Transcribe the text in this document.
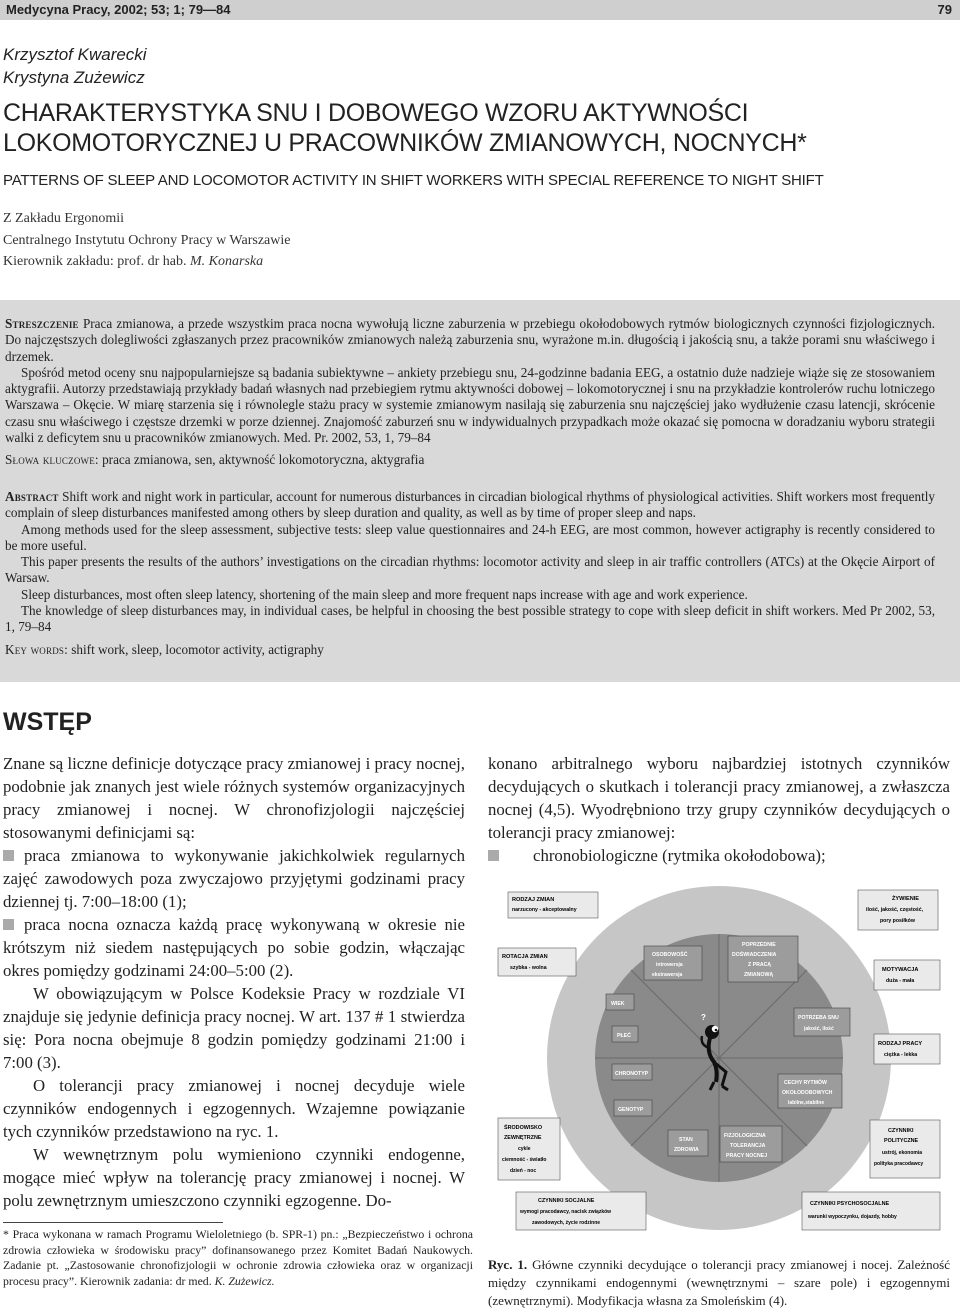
Medycyna Pracy, 2002; 53; 1; 79—84	79
Krzysztof Kwarecki
Krystyna Zużewicz
CHARAKTERYSTYKA SNU I DOBOWEGO WZORU AKTYWNOŚCI
LOKOMOTORYCZNEJ U PRACOWNIKÓW ZMIANOWYCH, NOCNYCH*
PATTERNS OF SLEEP AND LOCOMOTOR ACTIVITY IN SHIFT WORKERS WITH SPECIAL REFERENCE TO NIGHT SHIFT
Z Zakładu Ergonomii
Centralnego Instytutu Ochrony Pracy w Warszawie
Kierownik zakładu: prof. dr hab. M. Konarska

Streszczenie Praca zmianowa, a przede wszystkim praca nocna wywołują liczne zaburzenia w przebiegu okołodobowych rytmów biologicznych czynności fizjologicznych. Do najczęstszych dolegliwości zgłaszanych przez pracowników zmianowych należą zaburzenia snu, wyrażone m.in. długością i jakością snu, a także porami snu właściwego i drzemek.

Spośród metod oceny snu najpopularniejsze są badania subiektywne – ankiety przebiegu snu, 24-godzinne badania EEG, a ostatnio duże nadzieje wiąże się ze stosowaniem aktygrafii. Autorzy przedstawiają przykłady badań własnych nad przebiegiem rytmu aktywności dobowej – lokomotorycznej i snu na przykładzie kontrolerów ruchu lotniczego Warszawa – Okęcie. W miarę starzenia się i równolegle stażu pracy w systemie zmianowym nasilają się zaburzenia snu najczęściej jako wydłużenie czasu latencji, skrócenie czasu snu właściwego i częstsze drzemki w porze dziennej. Znajomość zaburzeń snu w indywidualnych przypadkach może okazać się pomocna w doradzaniu wyboru strategii walki z deficytem snu u pracowników zmianowych. Med. Pr. 2002, 53, 1, 79–84

Słowa kluczowe: praca zmianowa, sen, aktywność lokomotoryczna, aktygrafia

Abstract Shift work and night work in particular, account for numerous disturbances in circadian biological rhythms of physiological activities. Shift workers most frequently complain of sleep disturbances manifested among others by sleep duration and quality, as well as by time of proper sleep and naps.

Among methods used for the sleep assessment, subjective tests: sleep value questionnaires and 24-h EEG, are most common, however actigraphy is recently considered to be more useful.

This paper presents the results of the authors’ investigations on the circadian rhythms: locomotor activity and sleep in air traffic controllers (ATCs) at the Okęcie Airport of Warsaw.

Sleep disturbances, most often sleep latency, shortening of the main sleep and more frequent naps increase with age and work experience.

The knowledge of sleep disturbances may, in individual cases, be helpful in choosing the best possible strategy to cope with sleep deficit in shift workers. Med Pr 2002, 53, 1, 79–84

Key words: shift work, sleep, locomotor activity, actigraphy

WSTĘP

Znane są liczne definicje dotyczące pracy zmianowej i pracy nocnej, podobnie jak znanych jest wiele różnych systemów organizacyjnych pracy zmianowej i nocnej. W chronofizjologii najczęściej stosowanymi definicjami są:

praca zmianowa to wykonywanie jakichkolwiek regularnych zajęć zawodowych poza zwyczajowo przyjętymi godzinami pracy dziennej tj. 7:00–18:00 (1);

praca nocna oznacza każdą pracę wykonywaną w okresie nie krótszym niż siedem następujących po sobie godzin, włączając okres pomiędzy godzinami 24:00–5:00 (2).

W obowiązującym w Polsce Kodeksie Pracy w rozdziale VI znajduje się jedynie definicja pracy nocnej. W art. 137 # 1 stwierdza się: Pora nocna obejmuje 8 godzin pomiędzy godzinami 21:00 i 7:00 (3).

O tolerancji pracy zmianowej i nocnej decyduje wiele czynników endogennych i egzogennych. Wzajemne powiązanie tych czynników przedstawiono na ryc. 1.

W wewnętrznym polu wymieniono czynniki endogenne, mogące mieć wpływ na tolerancję pracy zmianowej i nocnej. W polu zewnętrznym umieszczono czynniki egzogenne. Do-

konano arbitralnego wyboru najbardziej istotnych czynników decydujących o skutkach i tolerancji pracy zmianowej, a zwłaszcza nocnej (4,5). Wyodrębniono trzy grupy czynników decydujących o tolerancji pracy zmianowej:

chronobiologiczne (rytmika okołodobowa);

RODZAJ ZMIAN
narzucony - akceptowalny
ŻYWIENIE
ilość, jakość, częstość,
pory posiłków
ROTACJA ZMIAN
szybka - wolna	MOTYWACJA
duża - mała
RODZAJ PRACY
ciężka - lekka
ŚRODOWISKO
ZEWNĘTRZNE
cykle
ciemność - światło
dzień - noc
CZYNNIKI
POLITYCZNE
ustrój, ekonomia
polityka pracodawcy
CZYNNIKI SOCJALNE
wymogi pracodawcy, nacisk związków
zawodowych, życie rodzinne
CZYNNIKI PSYCHOSOCJALNE
warunki wypoczynku, dojazdy, hobby
OSOBOWOŚĆ
introwersja
ekstrawersja
POPRZEDNIE
DOŚWIADCZENIA
Z PRACĄ
ZMIANOWĄ
WIEK
POTRZEBA SNU
jakość, ilość
PŁEĆ
CHRONOTYP
CECHY RYTMÓW
OKOŁODOBOWYCH
labilne,stabilne
GENOTYP
STAN
ZDROWIA
FIZJOLOGICZNA
TOLERANCJA
PRACY NOCNEJ
?
Ryc. 1. Główne czynniki decydujące o tolerancji pracy zmianowej i nocej. Zależność między czynnikami endogennymi (wewnętrznymi – szare pole) i egzogennymi (zewnętrznymi). Modyfikacja własna za Smoleńskim (4).
* Praca wykonana w ramach Programu Wieloletniego (b. SPR-1) pn.: „Bezpieczeństwo i ochrona zdrowia człowieka w środowisku pracy” dofinansowanego przez Komitet Badań Naukowych. Zadanie pt. „Zastosowanie chronofizjologii w ochronie zdrowia człowieka oraz w organizacji procesu pracy”. Kierownik zadania: dr med. K. Zużewicz.
